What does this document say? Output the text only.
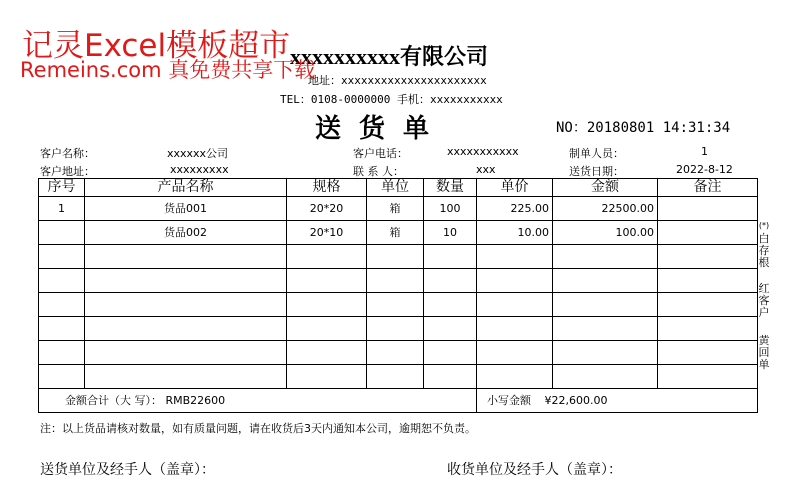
xxxxxxxxxx有限公司
地址：xxxxxxxxxxxxxxxxxxxxxx
TEL：0108-0000000 手机：xxxxxxxxxxx
送货单	NO：20180801 14:31:34
记灵Excel模板超市
Remeins.com 真免费共享下载
客户名称：	xxxxxx公司	客户电话：	xxxxxxxxxxx	制单人员：	1
客户地址：	xxxxxxxxx	联 系 人：	xxx	送货日期：	2022-8-12
序号	产品名称	规格	单位	数量	单价	金额	备注
1	货品001	20*20	箱	100	225.00	22500.00	
	货品002	20*10	箱	10	10.00	100.00	

金额合计（大 写）： RMB22600					小写金额 ¥22,600.00		
(*)
白存根
红客户
黄回单
注：以上货品请核对数量，如有质量问题，请在收货后3天内通知本公司，逾期恕不负责。
送货单位及经手人（盖章）：	收货单位及经手人（盖章）：
